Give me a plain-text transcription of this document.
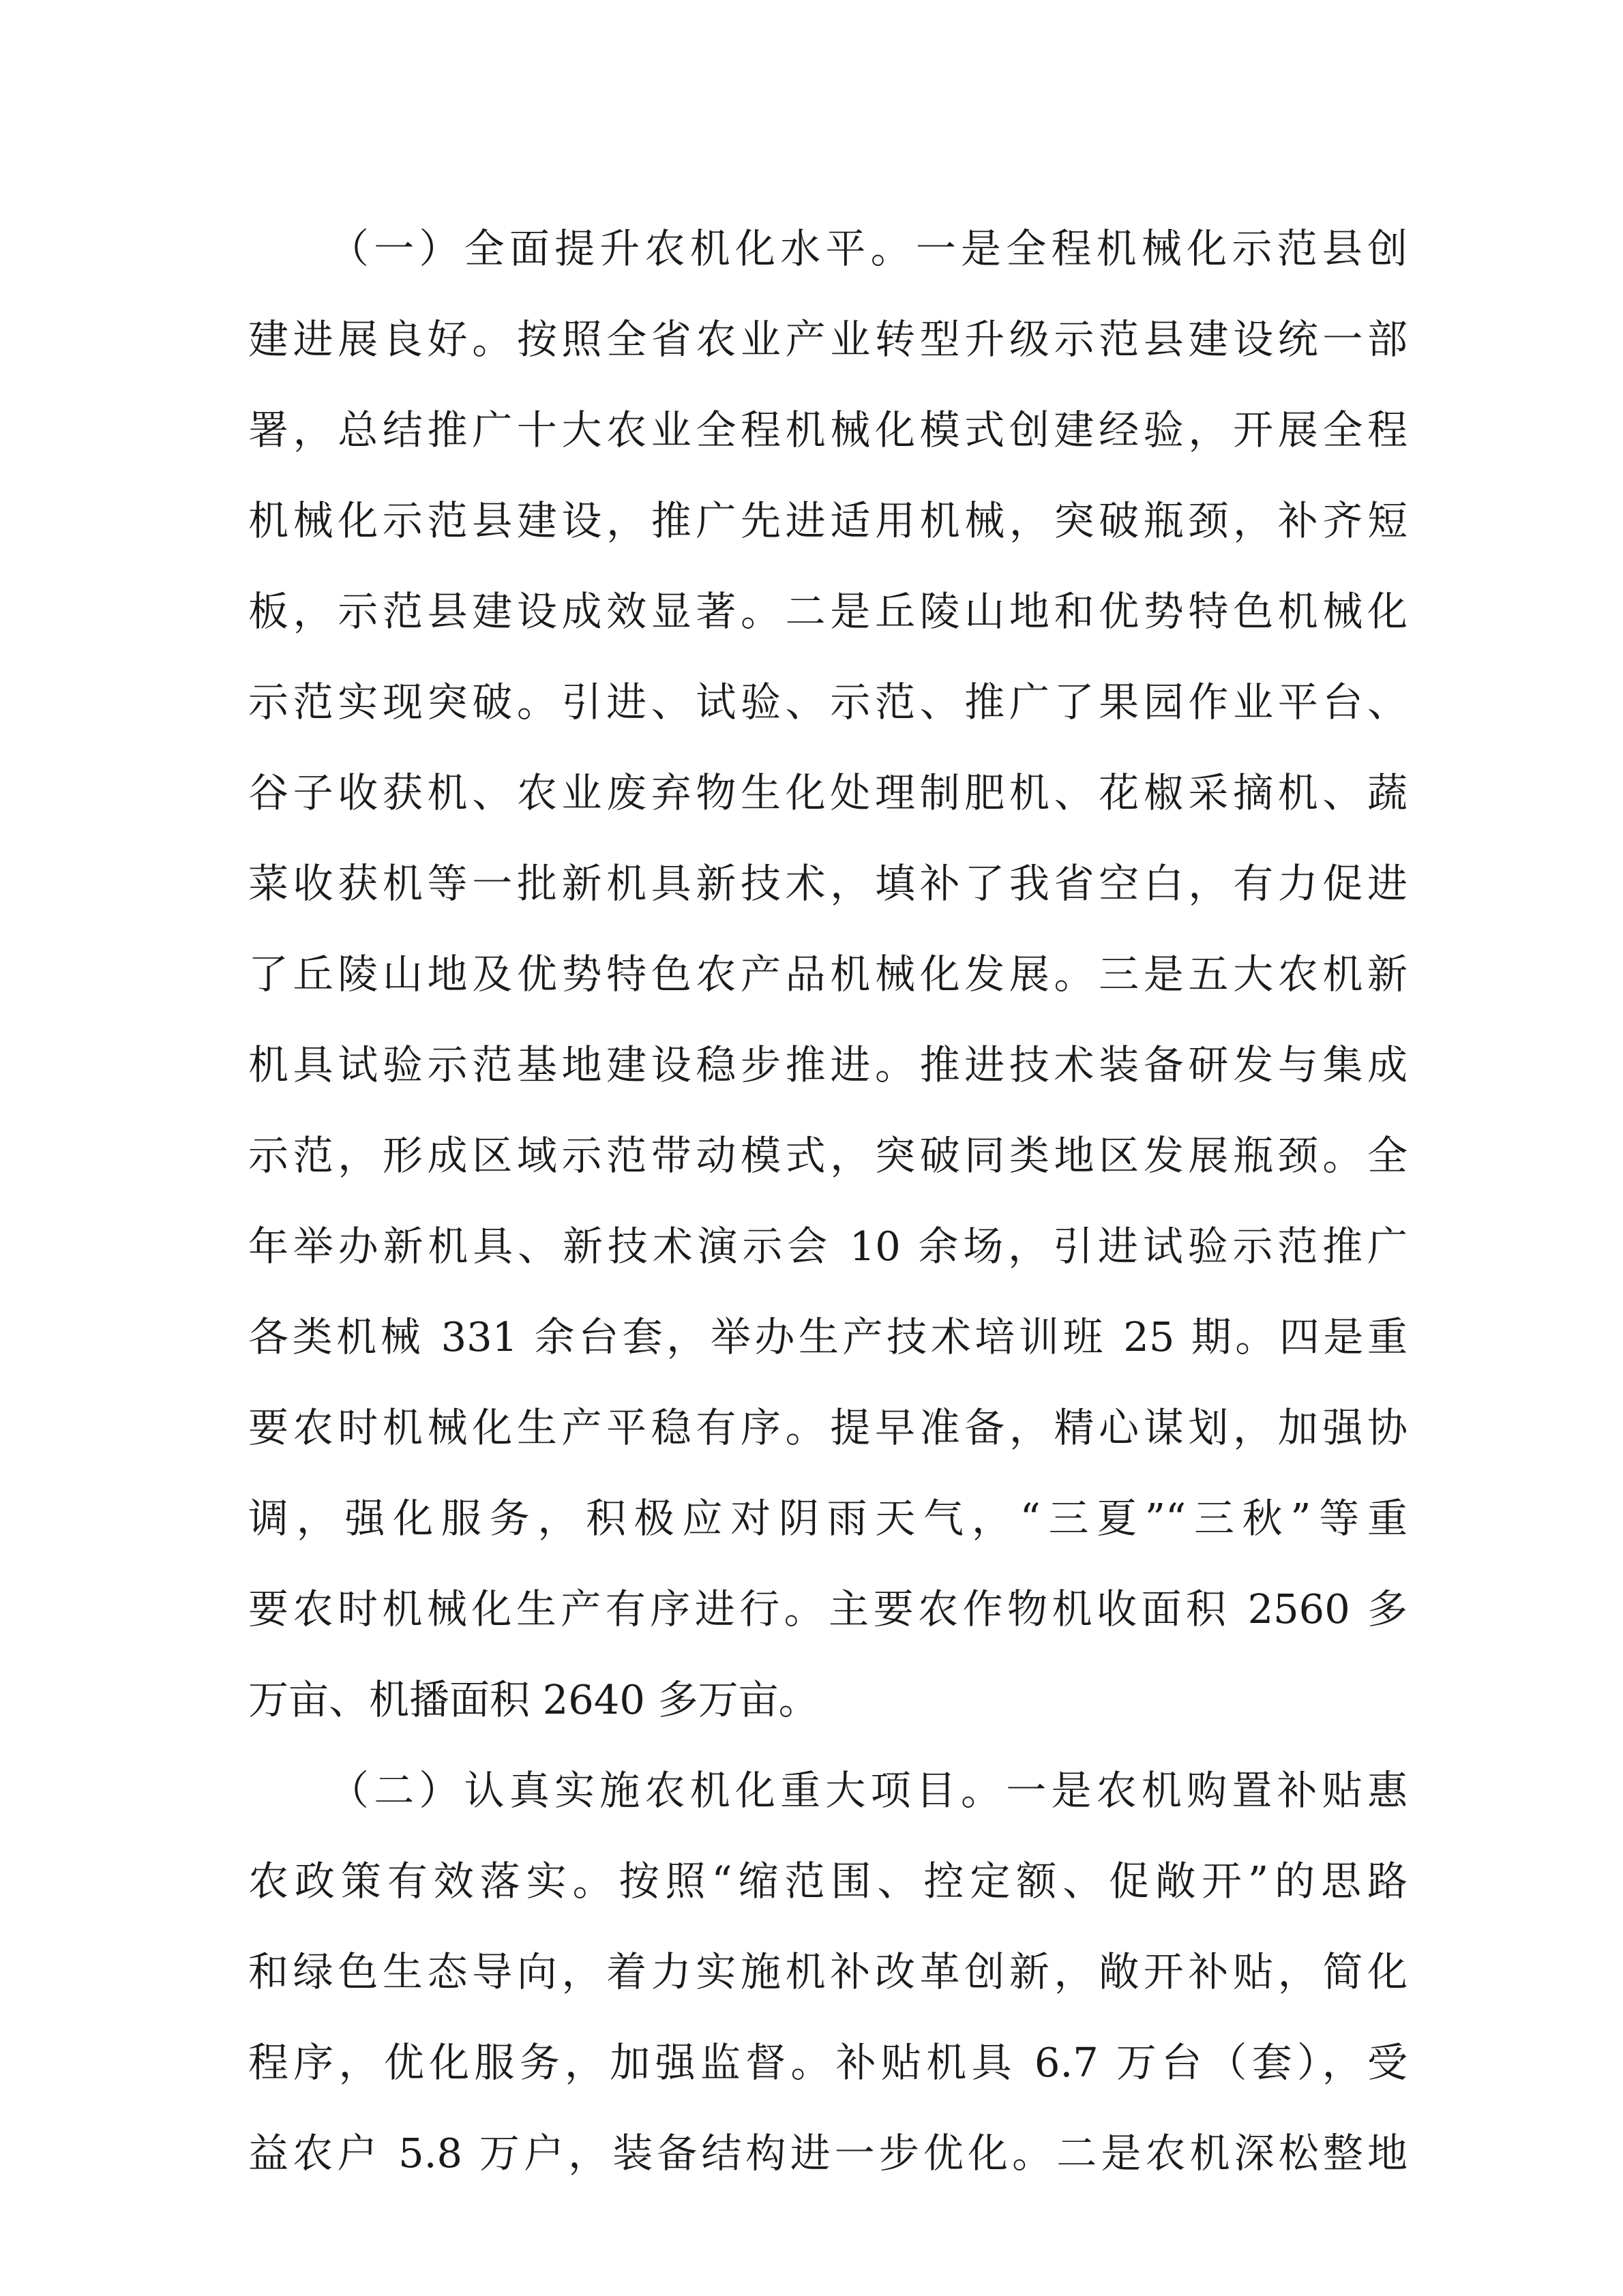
（一）全面提升农机化水平。一是全程机械化示范县创
建进展良好。按照全省农业产业转型升级示范县建设统一部
署，总结推广十大农业全程机械化模式创建经验，开展全程
机械化示范县建设，推广先进适用机械，突破瓶颈，补齐短
板，示范县建设成效显著。二是丘陵山地和优势特色机械化
示范实现突破。引进、试验、示范、推广了果园作业平台、
谷子收获机、农业废弃物生化处理制肥机、花椒采摘机、蔬
菜收获机等一批新机具新技术，填补了我省空白，有力促进
了丘陵山地及优势特色农产品机械化发展。三是五大农机新
机具试验示范基地建设稳步推进。推进技术装备研发与集成
示范，形成区域示范带动模式，突破同类地区发展瓶颈。全
年举办新机具、新技术演示会 10 余场，引进试验示范推广
各类机械 331 余台套，举办生产技术培训班 25 期。四是重
要农时机械化生产平稳有序。提早准备，精心谋划，加强协
调，强化服务，积极应对阴雨天气，“三夏”“三秋”等重
要农时机械化生产有序进行。主要农作物机收面积 2560 多
万亩、机播面积 2640 多万亩。
（二）认真实施农机化重大项目。一是农机购置补贴惠
农政策有效落实。按照“缩范围、控定额、促敞开”的思路
和绿色生态导向，着力实施机补改革创新，敞开补贴，简化
程序，优化服务，加强监督。补贴机具 6.7 万台（套），受
益农户 5.8 万户，装备结构进一步优化。二是农机深松整地
